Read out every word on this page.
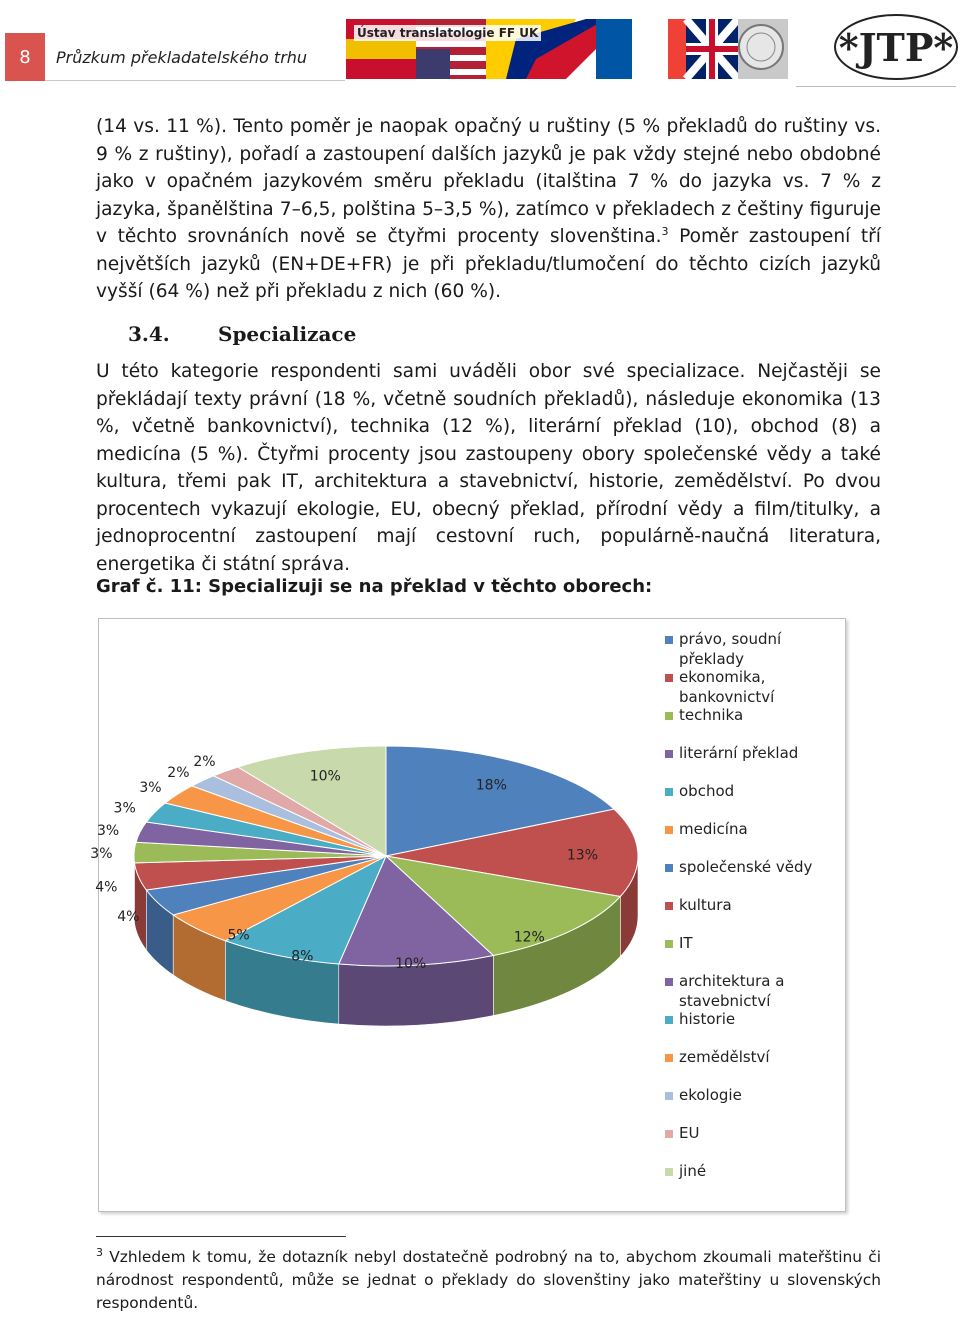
8	Průzkum překladatelského trhu
Ústav translatologie FF UK	*JTP*
(14 vs. 11 %). Tento poměr je naopak opačný u ruštiny (5 % překladů do ruštiny vs. 9 % z ruštiny), pořadí a zastoupení dalších jazyků je pak vždy stejné nebo obdobné jako v opačném jazykovém směru překladu (italština 7 % do jazyka vs. 7 % z jazyka, španělština 7–6,5, polština 5–3,5 %), zatímco v překladech z češtiny figuruje v těchto srovnáních nově se čtyřmi procenty slovenština.$^3$ Poměr zastoupení tří největších jazyků (EN+DE+FR) je při překladu/tlumočení do těchto cizích jazyků vyšší (64 %) než při překladu z nich (60 %).
3.4. Specializace
U této kategorie respondenti sami uváděli obor své specializace. Nejčastěji se překládají texty právní (18 %, včetně soudních překladů), následuje ekonomika (13 %, včetně bankovnictví), technika (12 %), literární překlad (10), obchod (8) a medicína (5 %). Čtyřmi procenty jsou zastoupeny obory společenské vědy a také kultura, třemi pak IT, architektura a stavebnictví, historie, zemědělství. Po dvou procentech vykazují ekologie, EU, obecný překlad, přírodní vědy a film/titulky, a jednoprocentní zastoupení mají cestovní ruch, populárně-naučná literatura, energetika či státní správa.
Graf č. 11: Specializuji se na překlad v těchto oborech:
18%
13%
12%
10%
8%
5%
4%
4%
3%
3%
3%
3%
2%
2%
10%
právo, soudní překlady
ekonomika, bankovnictví
technika
literární překlad
obchod
medicína
společenské vědy
kultura
IT
architektura a stavebnictví
historie
zemědělství
ekologie
EU
jiné
$^3$ Vzhledem k tomu, že dotazník nebyl dostatečně podrobný na to, abychom zkoumali mateřštinu či národnost respondentů, může se jednat o překlady do slovenštiny jako mateřštiny u slovenských respondentů.
